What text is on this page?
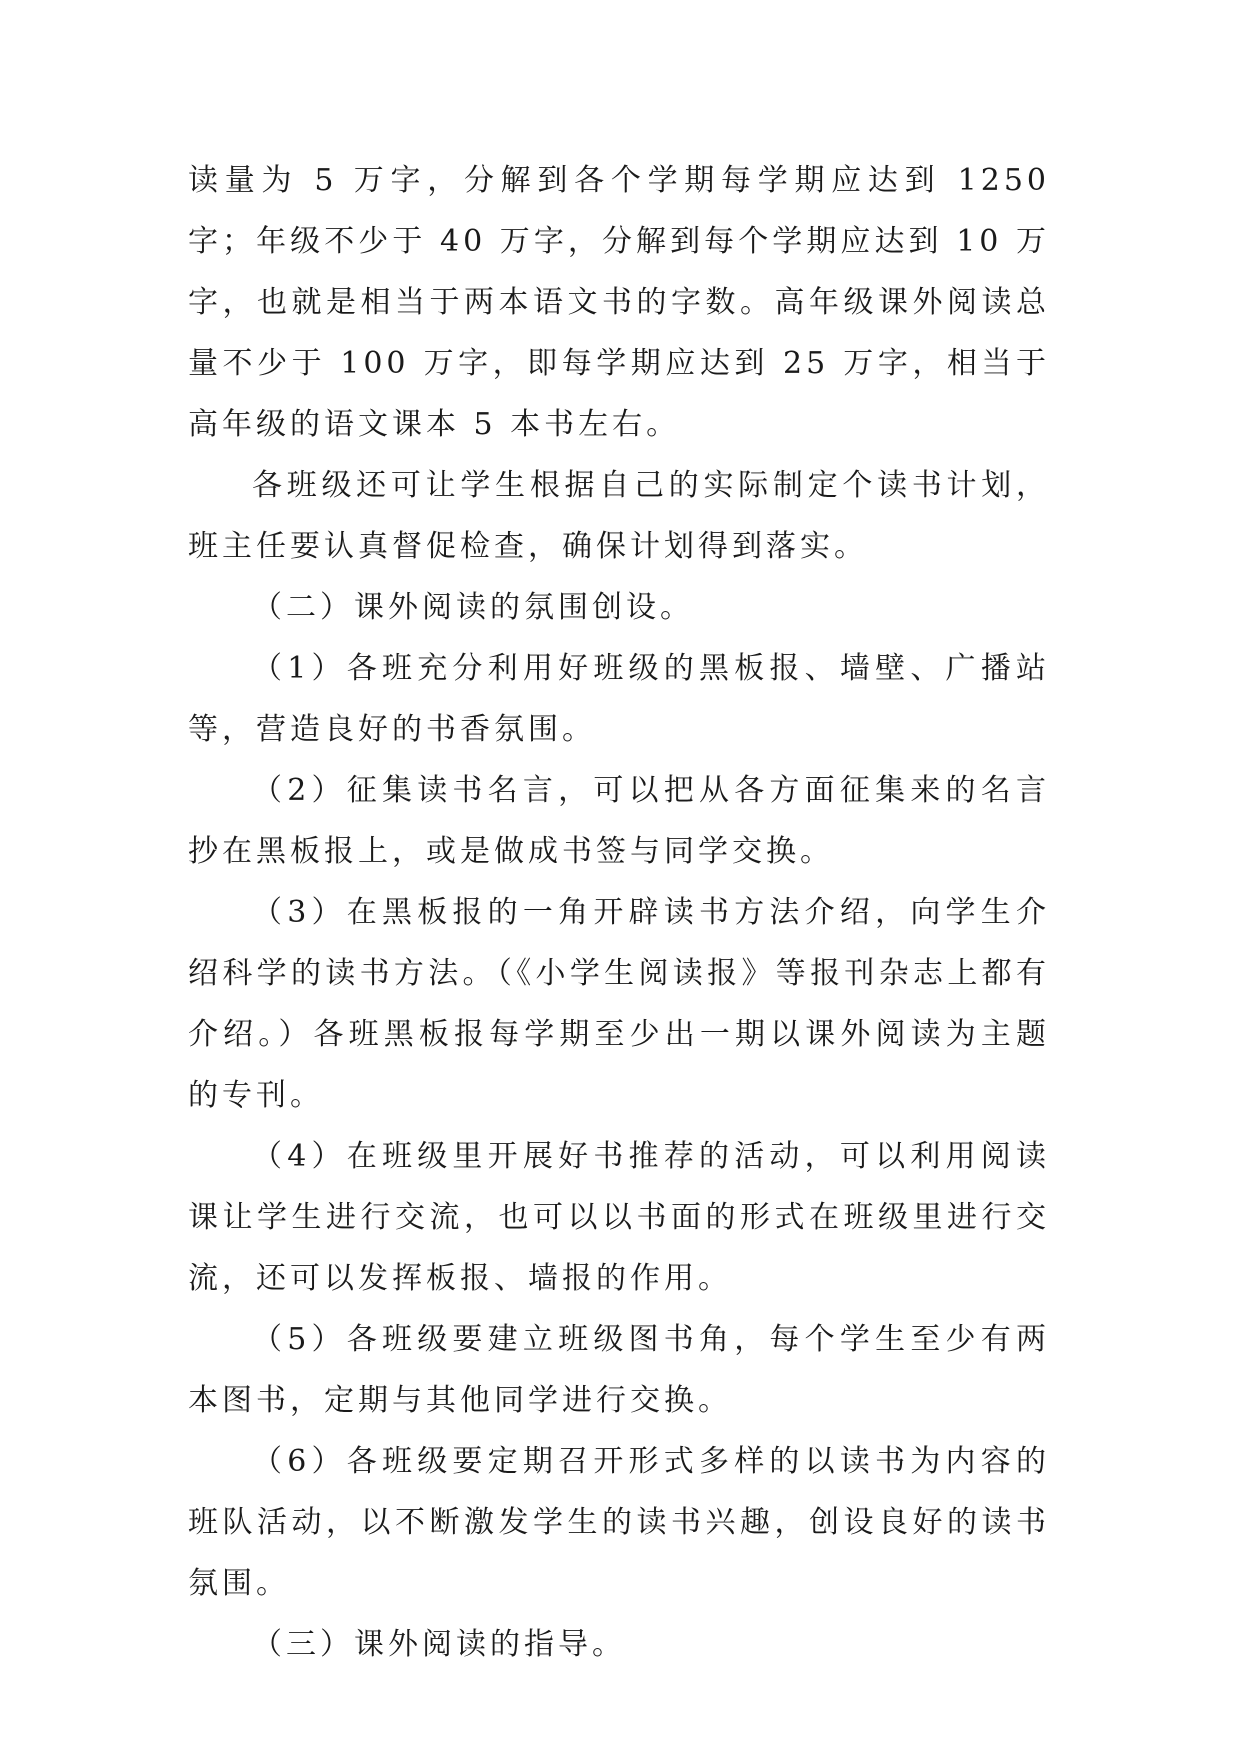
读量为 5 万字，分解到各个学期每学期应达到 1250 字；年级不少于 40 万字，分解到每个学期应达到 10 万字，也就是相当于两本语文书的字数。高年级课外阅读总量不少于 100 万字，即每学期应达到 25 万字，相当于高年级的语文课本 5 本书左右。

各班级还可让学生根据自己的实际制定个读书计划，班主任要认真督促检查，确保计划得到落实。

（二）课外阅读的氛围创设。

（1）各班充分利用好班级的黑板报、墙壁、广播站等，营造良好的书香氛围。

（2）征集读书名言，可以把从各方面征集来的名言抄在黑板报上，或是做成书签与同学交换。

（3）在黑板报的一角开辟读书方法介绍，向学生介绍科学的读书方法。（《小学生阅读报》等报刊杂志上都有介绍。）各班黑板报每学期至少出一期以课外阅读为主题的专刊。

（4）在班级里开展好书推荐的活动，可以利用阅读课让学生进行交流，也可以以书面的形式在班级里进行交流，还可以发挥板报、墙报的作用。

（5）各班级要建立班级图书角，每个学生至少有两本图书，定期与其他同学进行交换。

（6）各班级要定期召开形式多样的以读书为内容的班队活动，以不断激发学生的读书兴趣，创设良好的读书氛围。

（三）课外阅读的指导。
